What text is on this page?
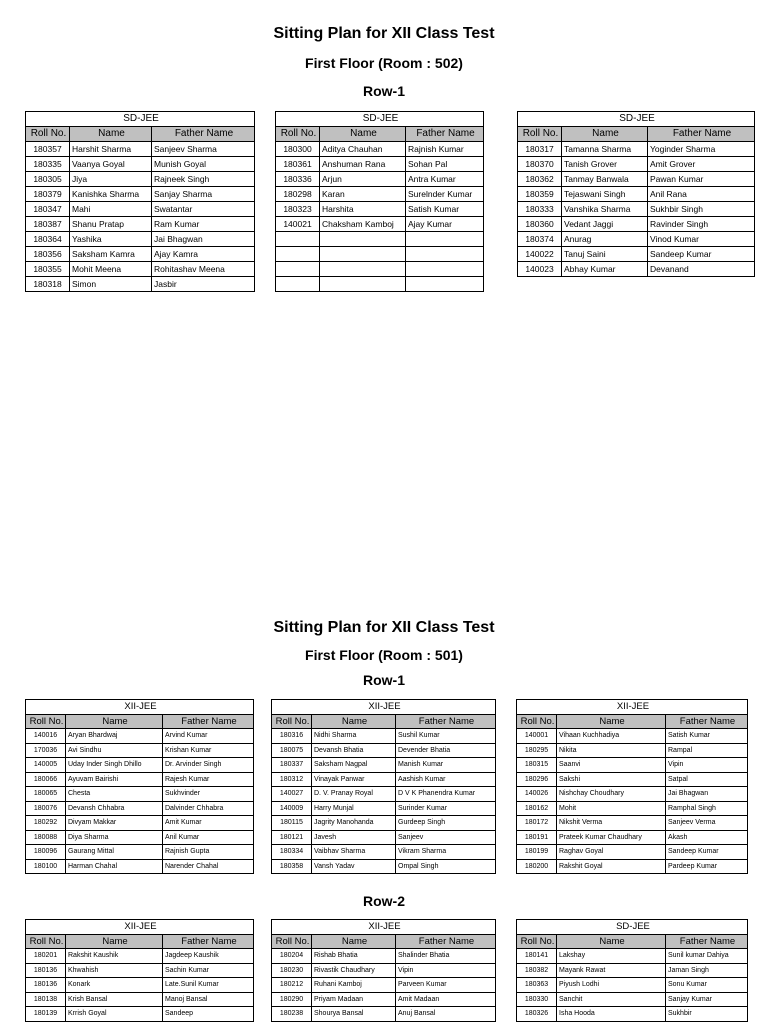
Sitting Plan for XII Class Test
First Floor (Room : 502)
Row-1
SD-JEE		
Roll No.	Name	Father Name
180357	Harshit Sharma	Sanjeev Sharma
180335	Vaanya Goyal	Munish Goyal
180305	Jiya	Rajneek Singh
180379	Kanishka Sharma	Sanjay Sharma
180347	Mahi	Swatantar
180387	Shanu Pratap	Ram Kumar
180364	Yashika	Jai Bhagwan
180356	Saksham Kamra	Ajay Kamra
180355	Mohit Meena	Rohitashav Meena
180318	Simon	Jasbir
SD-JEE		
Roll No.	Name	Father Name
180300	Aditya Chauhan	Rajnish Kumar
180361	Anshuman Rana	Sohan Pal
180336	Arjun	Antra Kumar
180298	Karan	Surelnder Kumar
180323	Harshita	Satish Kumar
140021	Chaksham Kamboj	Ajay Kumar

SD-JEE		
Roll No.	Name	Father Name
180317	Tamanna Sharma	Yoginder Sharma
180370	Tanish Grover	Amit Grover
180362	Tanmay Banwala	Pawan Kumar
180359	Tejaswani Singh	Anil Rana
180333	Vanshika Sharma	Sukhbir Singh
180360	Vedant Jaggi	Ravinder Singh
180374	Anurag	Vinod Kumar
140022	Tanuj Saini	Sandeep Kumar
140023	Abhay Kumar	Devanand
Sitting Plan for XII Class Test
First Floor (Room : 501)
Row-1
XII-JEE		
Roll No.	Name	Father Name
140016	Aryan Bhardwaj	Arvind Kumar
170036	Avi Sindhu	Krishan Kumar
140005	Uday Inder Singh Dhillo	Dr. Arvinder Singh
180066	Ayuvam Bairishi	Rajesh Kumar
180065	Chesta	Sukhvinder
180076	Devansh Chhabra	Dalvinder Chhabra
180292	Divyam Makkar	Amit Kumar
180088	Diya Sharma	Anil Kumar
180096	Gaurang Mittal	Rajnish Gupta
180100	Harman Chahal	Narender Chahal
XII-JEE		
Roll No.	Name	Father Name
180316	Nidhi Sharma	Sushil Kumar
180075	Devansh Bhatia	Devender Bhatia
180337	Saksham Nagpal	Manish Kumar
180312	Vinayak Panwar	Aashish Kumar
140027	D. V. Pranay Royal	D V K Phanendra Kumar
140009	Harry Munjal	Surinder Kumar
180115	Jagrity Manohanda	Gurdeep Singh
180121	Javesh	Sanjeev
180334	Vaibhav Sharma	Vikram Sharma
180358	Vansh Yadav	Ompal Singh
XII-JEE		
Roll No.	Name	Father Name
140001	Vihaan Kuchhadiya	Satish Kumar
180295	Nikita	Rampal
180315	Saanvi	Vipin
180296	Sakshi	Satpal
140026	Nishchay Choudhary	Jai Bhagwan
180162	Mohit	Ramphal Singh
180172	Nikshit Verma	Sanjeev Verma
180191	Prateek Kumar Chaudhary	Akash
180199	Raghav Goyal	Sandeep Kumar
180200	Rakshit Goyal	Pardeep Kumar
Row-2
XII-JEE		
Roll No.	Name	Father Name
180201	Rakshit Kaushik	Jagdeep Kaushik
180136	Khwahish	Sachin Kumar
180136	Konark	Late.Sunil Kumar
180138	Krish Bansal	Manoj Bansal
180139	Krrish Goyal	Sandeep
XII-JEE		
Roll No.	Name	Father Name
180204	Rishab Bhatia	Shalinder Bhatia
180230	Rivastik Chaudhary	Vipin
180212	Ruhani Kamboj	Parveen Kumar
180290	Priyam Madaan	Amit Madaan
180238	Shourya Bansal	Anuj Bansal
SD-JEE		
Roll No.	Name	Father Name
180141	Lakshay	Sunil kumar Dahiya
180382	Mayank Rawat	Jaman Singh
180363	Piyush Lodhi	Sonu Kumar
180330	Sanchit	Sanjay Kumar
180326	Isha Hooda	Sukhbir
